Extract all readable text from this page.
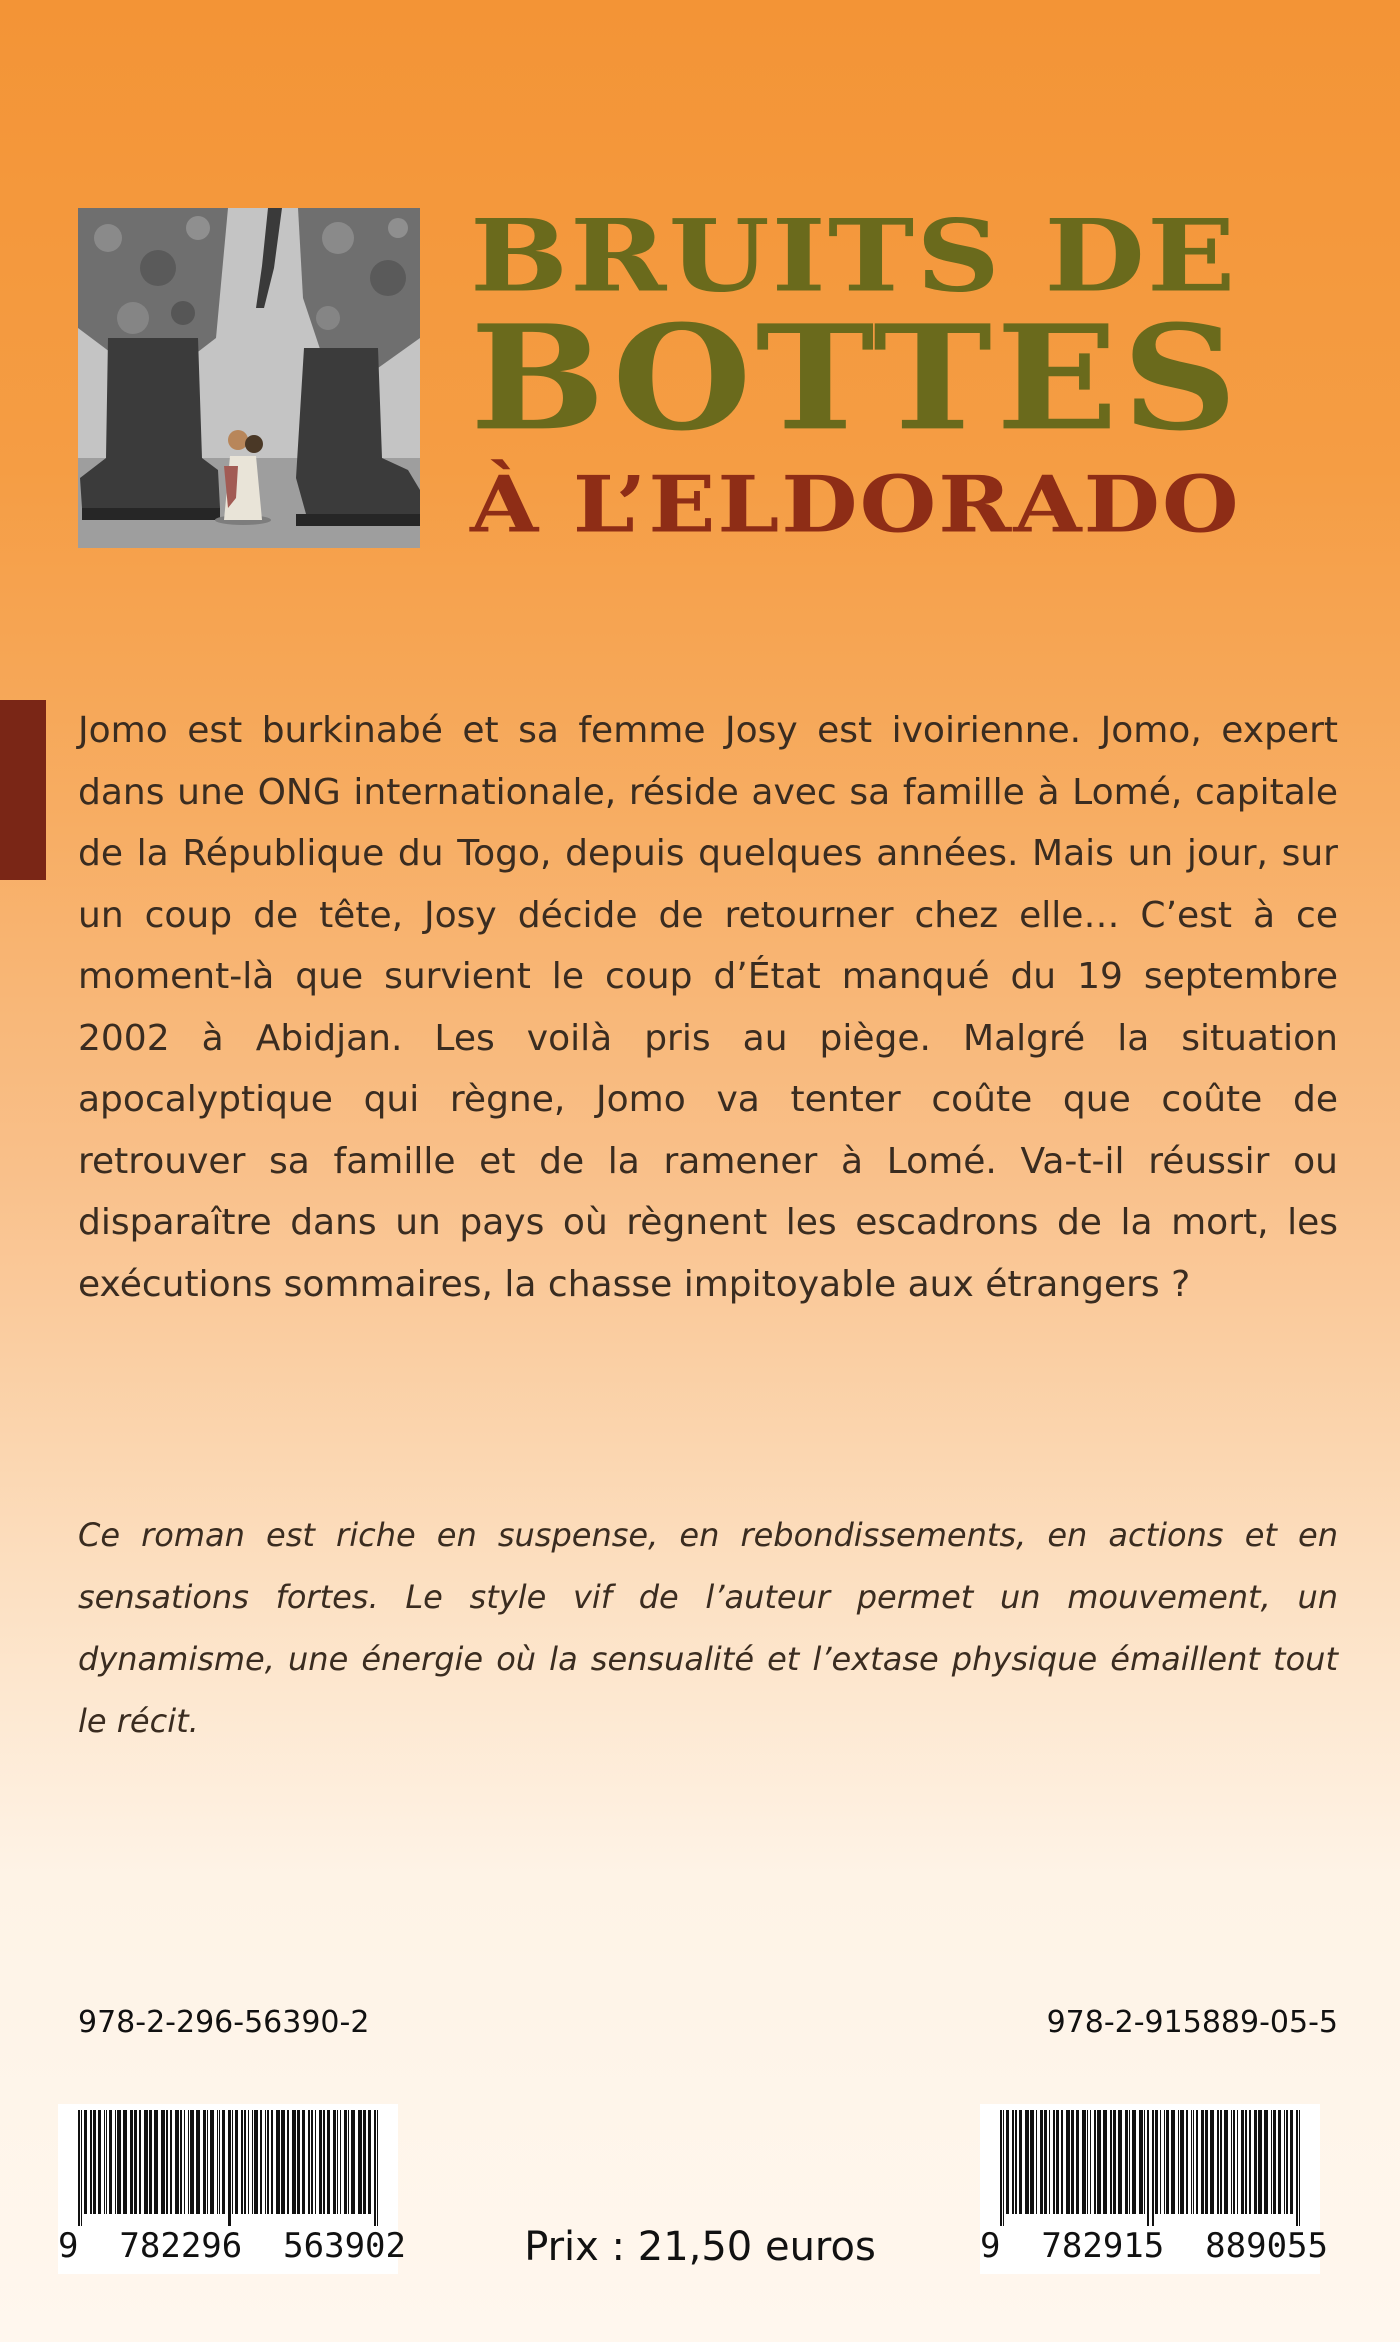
BRUITS DE
BOTTES
À L’ELDORADO

Jomo est burkinabé et sa femme Josy est ivoirienne. Jomo, expert dans une ONG internationale, réside avec sa famille à Lomé, capitale de la République du Togo, depuis quelques années. Mais un jour, sur un coup de tête, Josy décide de retourner chez elle… C’est à ce moment-là que survient le coup d’État manqué du 19 septembre 2002 à Abidjan. Les voilà pris au piège. Malgré la situation apocalyptique qui règne, Jomo va tenter coûte que coûte de retrouver sa famille et de la ramener à Lomé. Va-t-il réussir ou disparaître dans un pays où règnent les escadrons de la mort, les exécutions sommaires, la chasse impitoyable aux étrangers ?

Ce roman est riche en suspense, en rebondissements, en actions et en sensations fortes. Le style vif de l’auteur permet un mouvement, un dynamisme, une énergie où la sensualité et l’extase physique émaillent tout le récit.

978-2-296-56390-2	978-2-915889-05-5
9  782296  563902	Prix : 21,50 euros	9  782915  889055
